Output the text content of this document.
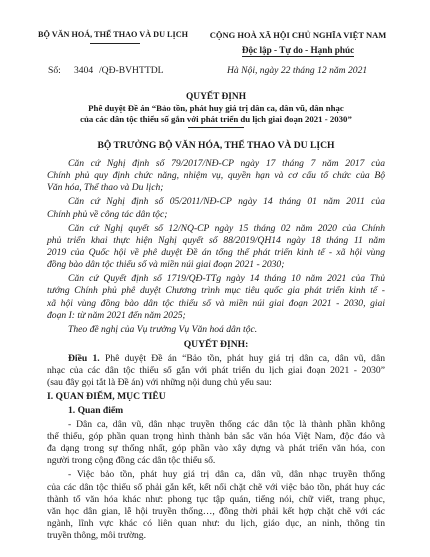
BỘ VĂN HOÁ, THỂ THAO VÀ DU LỊCH	CỘNG HOÀ XÃ HỘI CHỦ NGHĨA VIỆT NAM
Độc lập - Tự do - Hạnh phúc
Số: 3404 /QĐ-BVHTTDL	Hà Nội, ngày 22 tháng 12 năm 2021
QUYẾT ĐỊNH
Phê duyệt Đề án “Bảo tồn, phát huy giá trị dân ca, dân vũ, dân nhạc
của các dân tộc thiểu số gắn với phát triển du lịch giai đoạn 2021 - 2030”
BỘ TRƯỞNG BỘ VĂN HÓA, THỂ THAO VÀ DU LỊCH
Căn cứ Nghị định số 79/2017/NĐ-CP ngày 17 tháng 7 năm 2017 của
Chính phủ quy định chức năng, nhiệm vụ, quyền hạn và cơ cấu tổ chức của Bộ
Văn hóa, Thể thao và Du lịch;
Căn cứ Nghị định số 05/2011/NĐ-CP ngày 14 tháng 01 năm 2011 của
Chính phủ về công tác dân tộc;
Căn cứ Nghị quyết số 12/NQ-CP ngày 15 tháng 02 năm 2020 của Chính
phủ triển khai thực hiện Nghị quyết số 88/2019/QH14 ngày 18 tháng 11 năm
2019 của Quốc hội về phê duyệt Đề án tổng thể phát triển kinh tế - xã hội vùng
đồng bào dân tộc thiểu số và miền núi giai đoạn 2021 - 2030;
Căn cứ Quyết định số 1719/QĐ-TTg ngày 14 tháng 10 năm 2021 của Thủ
tướng Chính phủ phê duyệt Chương trình mục tiêu quốc gia phát triển kinh tế -
xã hội vùng đồng bào dân tộc thiểu số và miền núi giai đoạn 2021 - 2030, giai
đoạn I: từ năm 2021 đến năm 2025;
Theo đề nghị của Vụ trưởng Vụ Văn hoá dân tộc.
QUYẾT ĐỊNH:
Điều 1. Phê duyệt Đề án “Bảo tồn, phát huy giá trị dân ca, dân vũ, dân
nhạc của các dân tộc thiểu số gắn với phát triển du lịch giai đoạn 2021 - 2030”
(sau đây gọi tắt là Đề án) với những nội dung chủ yếu sau:
I. QUAN ĐIỂM, MỤC TIÊU
1. Quan điểm
- Dân ca, dân vũ, dân nhạc truyền thống các dân tộc là thành phần không
thể thiếu, góp phần quan trọng hình thành bản sắc văn hóa Việt Nam, độc đáo và
đa dạng trong sự thống nhất, góp phần vào xây dựng và phát triển văn hóa, con
người trong cộng đồng các dân tộc thiểu số.
- Việc bảo tồn, phát huy giá trị dân ca, dân vũ, dân nhạc truyền thống
của các dân tộc thiểu số phải gắn kết, kết nối chặt chẽ với việc bảo tồn, phát huy các
thành tố văn hóa khác như: phong tục tập quán, tiếng nói, chữ viết, trang phục,
văn học dân gian, lễ hội truyền thống…, đồng thời phải kết hợp chặt chẽ với các
ngành, lĩnh vực khác có liên quan như: du lịch, giáo dục, an ninh, thông tin
truyền thông, môi trường.
